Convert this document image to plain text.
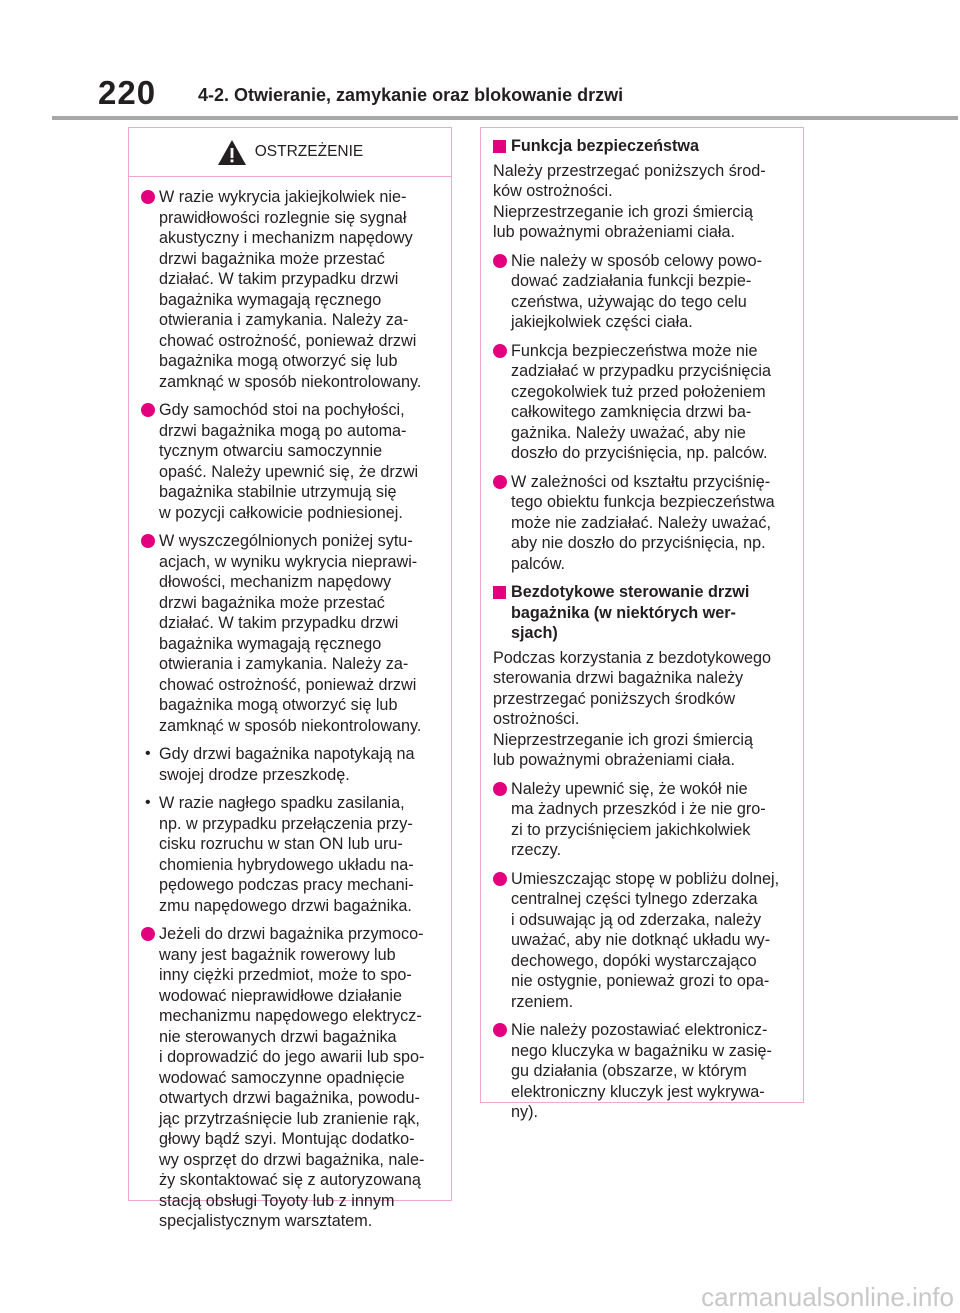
220 4-2. Otwieranie, zamykanie oraz blokowanie drzwi
OSTRZEŻENIE
W razie wykrycia jakiejkolwiek nie-
prawidłowości rozlegnie się sygnał
akustyczny i mechanizm napędowy
drzwi bagażnika może przestać
działać. W takim przypadku drzwi
bagażnika wymagają ręcznego
otwierania i zamykania. Należy za-
chować ostrożność, ponieważ drzwi
bagażnika mogą otworzyć się lub
zamknąć w sposób niekontrolowany.
Gdy samochód stoi na pochyłości,
drzwi bagażnika mogą po automa-
tycznym otwarciu samoczynnie
opaść. Należy upewnić się, że drzwi
bagażnika stabilnie utrzymują się
w pozycji całkowicie podniesionej.
W wyszczególnionych poniżej sytu-
acjach, w wyniku wykrycia nieprawi-
dłowości, mechanizm napędowy
drzwi bagażnika może przestać
działać. W takim przypadku drzwi
bagażnika wymagają ręcznego
otwierania i zamykania. Należy za-
chować ostrożność, ponieważ drzwi
bagażnika mogą otworzyć się lub
zamknąć w sposób niekontrolowany.
• Gdy drzwi bagażnika napotykają na
swojej drodze przeszkodę.
• W razie nagłego spadku zasilania,
np. w przypadku przełączenia przy-
cisku rozruchu w stan ON lub uru-
chomienia hybrydowego układu na-
pędowego podczas pracy mechani-
zmu napędowego drzwi bagażnika.
Jeżeli do drzwi bagażnika przymoco-
wany jest bagażnik rowerowy lub
inny ciężki przedmiot, może to spo-
wodować nieprawidłowe działanie
mechanizmu napędowego elektrycz-
nie sterowanych drzwi bagażnika
i doprowadzić do jego awarii lub spo-
wodować samoczynne opadnięcie
otwartych drzwi bagażnika, powodu-
jąc przytrzaśnięcie lub zranienie rąk,
głowy bądź szyi. Montując dodatko-
wy osprzęt do drzwi bagażnika, nale-
ży skontaktować się z autoryzowaną
stacją obsługi Toyoty lub z innym
specjalistycznym warsztatem.
Funkcja bezpieczeństwa
Należy przestrzegać poniższych środ-
ków ostrożności.
Nieprzestrzeganie ich grozi śmiercią
lub poważnymi obrażeniami ciała.
Nie należy w sposób celowy powo-
dować zadziałania funkcji bezpie-
czeństwa, używając do tego celu
jakiejkolwiek części ciała.
Funkcja bezpieczeństwa może nie
zadziałać w przypadku przyciśnięcia
czegokolwiek tuż przed położeniem
całkowitego zamknięcia drzwi ba-
gażnika. Należy uważać, aby nie
doszło do przyciśnięcia, np. palców.
W zależności od kształtu przyciśnię-
tego obiektu funkcja bezpieczeństwa
może nie zadziałać. Należy uważać,
aby nie doszło do przyciśnięcia, np.
palców.
Bezdotykowe sterowanie drzwi
bagażnika (w niektórych wer-
sjach)
Podczas korzystania z bezdotykowego
sterowania drzwi bagażnika należy
przestrzegać poniższych środków
ostrożności.
Nieprzestrzeganie ich grozi śmiercią
lub poważnymi obrażeniami ciała.
Należy upewnić się, że wokół nie
ma żadnych przeszkód i że nie gro-
zi to przyciśnięciem jakichkolwiek
rzeczy.
Umieszczając stopę w pobliżu dolnej,
centralnej części tylnego zderzaka
i odsuwając ją od zderzaka, należy
uważać, aby nie dotknąć układu wy-
dechowego, dopóki wystarczająco
nie ostygnie, ponieważ grozi to opa-
rzeniem.
Nie należy pozostawiać elektronicz-
nego kluczyka w bagażniku w zasię-
gu działania (obszarze, w którym
elektroniczny kluczyk jest wykrywa-
ny).
carmanualsonline.info
